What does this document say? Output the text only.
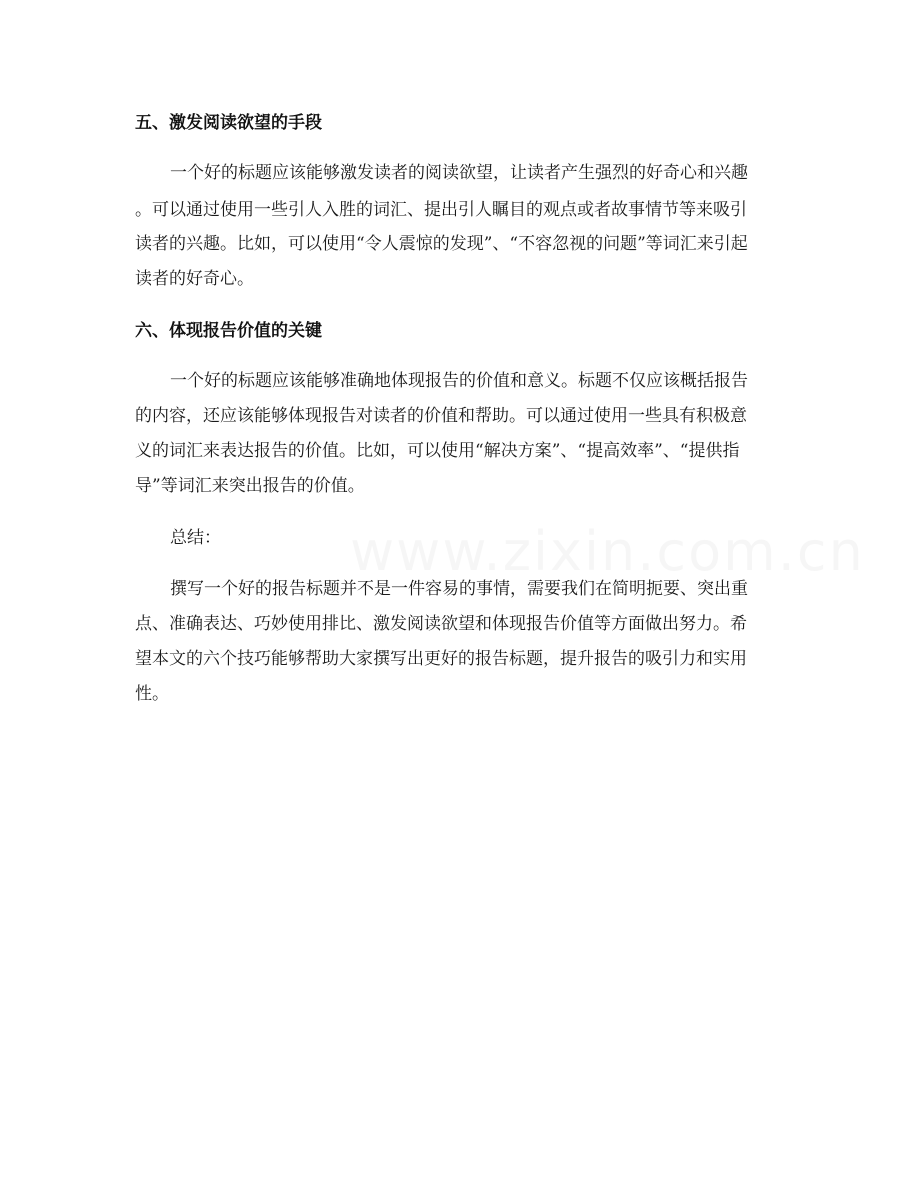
五、激发阅读欲望的手段
一个好的标题应该能够激发读者的阅读欲望，让读者产生强烈的好奇心和兴趣
。可以通过使用一些引人入胜的词汇、提出引人瞩目的观点或者故事情节等来吸引
读者的兴趣。比如，可以使用“令人震惊的发现”、“不容忽视的问题”等词汇来引起
读者的好奇心。
六、体现报告价值的关键
一个好的标题应该能够准确地体现报告的价值和意义。标题不仅应该概括报告
的内容，还应该能够体现报告对读者的价值和帮助。可以通过使用一些具有积极意
义的词汇来表达报告的价值。比如，可以使用“解决方案”、“提高效率”、“提供指
导”等词汇来突出报告的价值。
总结：
撰写一个好的报告标题并不是一件容易的事情，需要我们在简明扼要、突出重
点、准确表达、巧妙使用排比、激发阅读欲望和体现报告价值等方面做出努力。希
望本文的六个技巧能够帮助大家撰写出更好的报告标题，提升报告的吸引力和实用
性。
